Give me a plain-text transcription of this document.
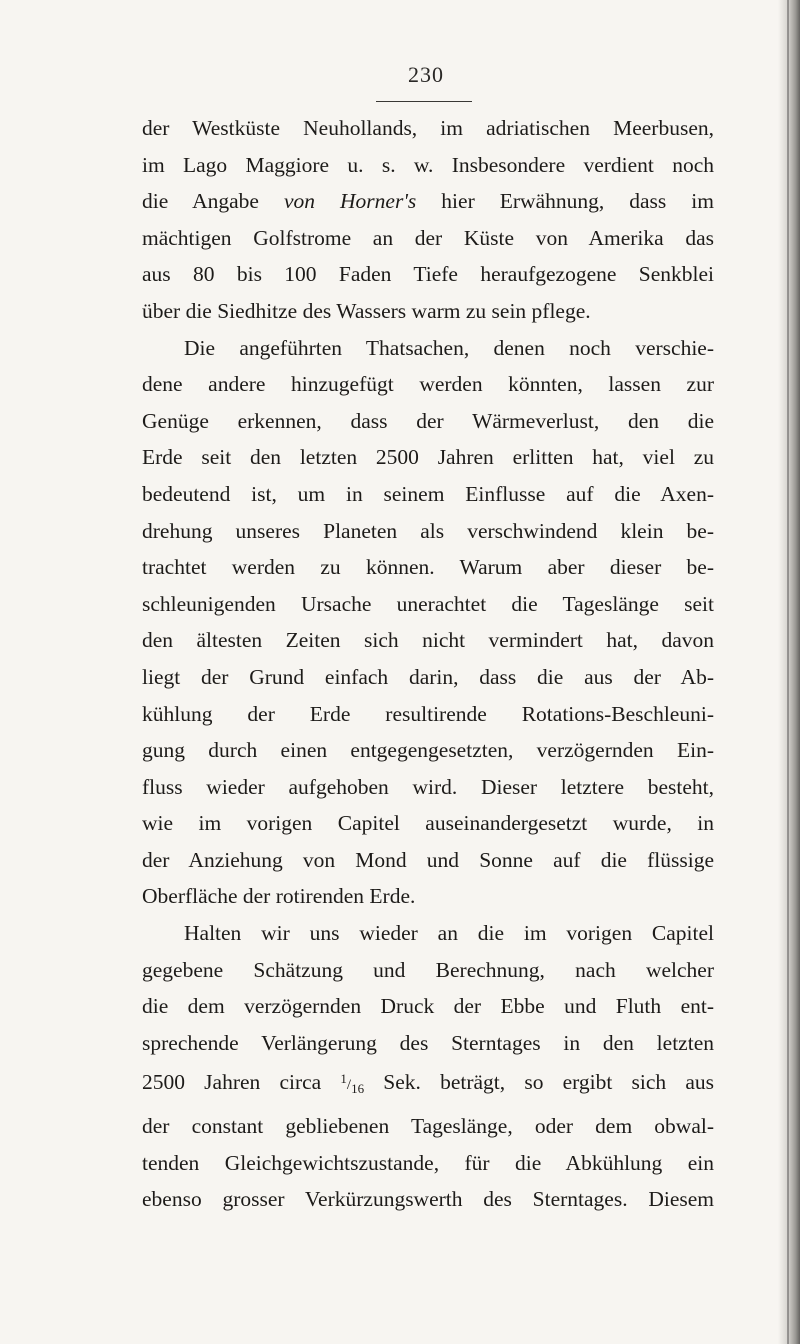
230

der Westküste Neuhollands, im adriatischen Meerbusen,
im Lago Maggiore u. s. w. Insbesondere verdient noch
die Angabe von Horner's hier Erwähnung, dass im
mächtigen Golfstrome an der Küste von Amerika das
aus 80 bis 100 Faden Tiefe heraufgezogene Senkblei
über die Siedhitze des Wassers warm zu sein pflege.

Die angeführten Thatsachen, denen noch verschie-
dene andere hinzugefügt werden könnten, lassen zur
Genüge erkennen, dass der Wärmeverlust, den die
Erde seit den letzten 2500 Jahren erlitten hat, viel zu
bedeutend ist, um in seinem Einflusse auf die Axen-
drehung unseres Planeten als verschwindend klein be-
trachtet werden zu können. Warum aber dieser be-
schleunigenden Ursache unerachtet die Tageslänge seit
den ältesten Zeiten sich nicht vermindert hat, davon
liegt der Grund einfach darin, dass die aus der Ab-
kühlung der Erde resultirende Rotations-Beschleuni-
gung durch einen entgegengesetzten, verzögernden Ein-
fluss wieder aufgehoben wird. Dieser letztere besteht,
wie im vorigen Capitel auseinandergesetzt wurde, in
der Anziehung von Mond und Sonne auf die flüssige
Oberfläche der rotirenden Erde.

Halten wir uns wieder an die im vorigen Capitel
gegebene Schätzung und Berechnung, nach welcher
die dem verzögernden Druck der Ebbe und Fluth ent-
sprechende Verlängerung des Sterntages in den letzten
2500 Jahren circa $^1/_{16}$ Sek. beträgt, so ergibt sich aus
der constant gebliebenen Tageslänge, oder dem obwal-
tenden Gleichgewichtszustande, für die Abkühlung ein
ebenso grosser Verkürzungswerth des Sterntages. Diesem
